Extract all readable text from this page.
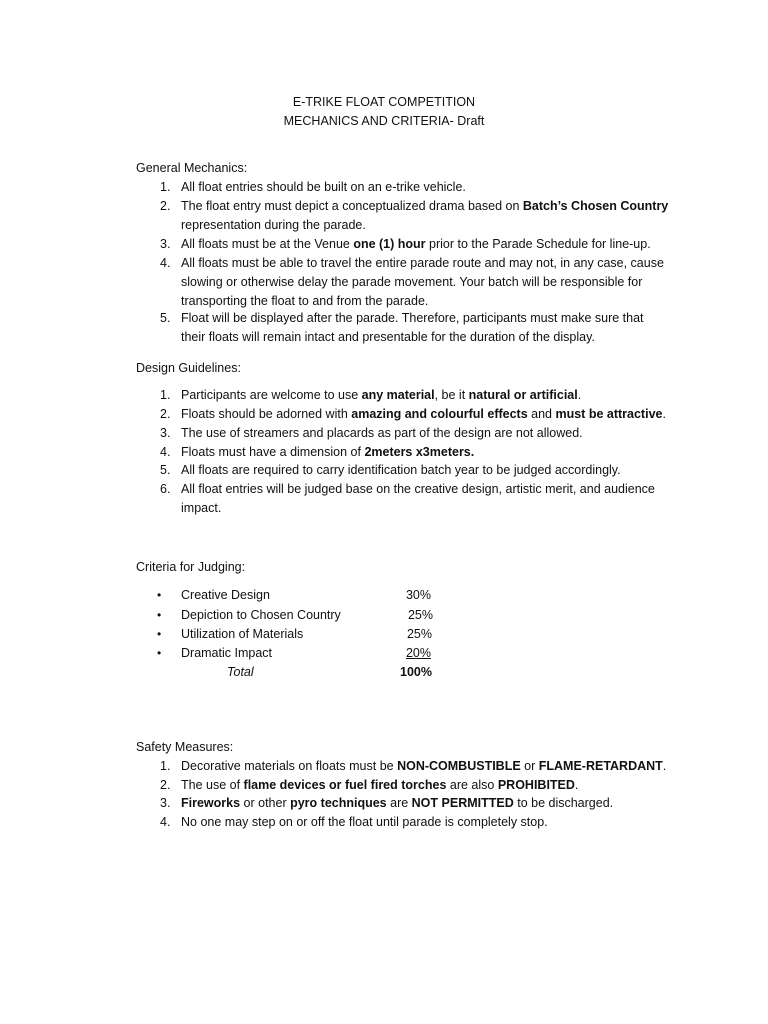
E-TRIKE FLOAT COMPETITION
MECHANICS AND CRITERIA- Draft
General Mechanics:
1. All float entries should be built on an e-trike vehicle.
2. The float entry must depict a conceptualized drama based on Batch’s Chosen Country
representation during the parade.
3. All floats must be at the Venue one (1) hour prior to the Parade Schedule for line-up.
4. All floats must be able to travel the entire parade route and may not, in any case, cause
slowing or otherwise delay the parade movement. Your batch will be responsible for
transporting the float to and from the parade.
5. Float will be displayed after the parade. Therefore, participants must make sure that
their floats will remain intact and presentable for the duration of the display.
Design Guidelines:
1. Participants are welcome to use any material, be it natural or artificial.
2. Floats should be adorned with amazing and colourful effects and must be attractive.
3. The use of streamers and placards as part of the design are not allowed.
4. Floats must have a dimension of 2meters x3meters.
5. All floats are required to carry identification batch year to be judged accordingly.
6. All float entries will be judged base on the creative design, artistic merit, and audience
impact.
Criteria for Judging:
• Creative Design	30%
• Depiction to Chosen Country	25%
• Utilization of Materials	25%
• Dramatic Impact	20%
Total	100%
Safety Measures:
1. Decorative materials on floats must be NON-COMBUSTIBLE or FLAME-RETARDANT.
2. The use of flame devices or fuel fired torches are also PROHIBITED.
3. Fireworks or other pyro techniques are NOT PERMITTED to be discharged.
4. No one may step on or off the float until parade is completely stop.
